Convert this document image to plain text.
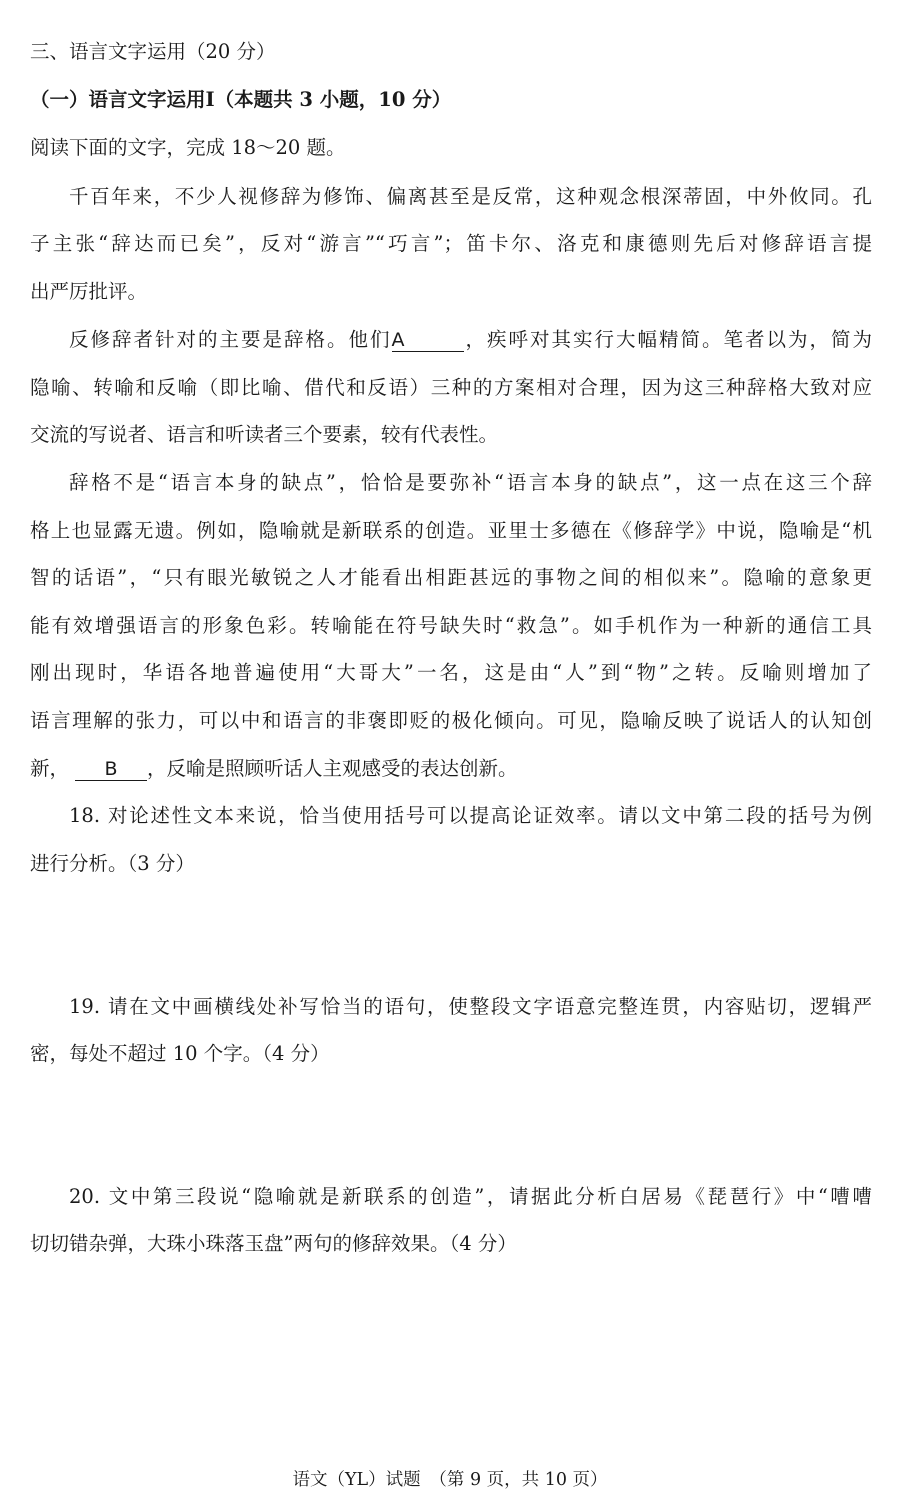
三、语言文字运用（20 分）
（一）语言文字运用Ⅰ（本题共 3 小题，10 分）
阅读下面的文字，完成 18～20 题。
千百年来，不少人视修辞为修饰、偏离甚至是反常，这种观念根深蒂固，中外攸同。孔
子主张“辞达而已矣”，反对“游言”“巧言”；笛卡尔、洛克和康德则先后对修辞语言提
出严厉批评。
反修辞者针对的主要是辞格。他们A	，疾呼对其实行大幅精简。笔者以为，简为
隐喻、转喻和反喻（即比喻、借代和反语）三种的方案相对合理，因为这三种辞格大致对应
交流的写说者、语言和听读者三个要素，较有代表性。
辞格不是“语言本身的缺点”，恰恰是要弥补“语言本身的缺点”，这一点在这三个辞
格上也显露无遗。例如，隐喻就是新联系的创造。亚里士多德在《修辞学》中说，隐喻是“机
智的话语”，“只有眼光敏锐之人才能看出相距甚远的事物之间的相似来”。隐喻的意象更
能有效增强语言的形象色彩。转喻能在符号缺失时“救急”。如手机作为一种新的通信工具
刚出现时，华语各地普遍使用“大哥大”一名，这是由“人”到“物”之转。反喻则增加了
语言理解的张力，可以中和语言的非褒即贬的极化倾向。可见，隐喻反映了说话人的认知创
新， B ，反喻是照顾听话人主观感受的表达创新。
18. 对论述性文本来说，恰当使用括号可以提高论证效率。请以文中第二段的括号为例
进行分析。（3 分）
19. 请在文中画横线处补写恰当的语句，使整段文字语意完整连贯，内容贴切，逻辑严
密，每处不超过 10 个字。（4 分）
20. 文中第三段说“隐喻就是新联系的创造”，请据此分析白居易《琵琶行》中“嘈嘈
切切错杂弹，大珠小珠落玉盘”两句的修辞效果。（4 分）
语文（YL）试题　（第 9 页，共 10 页）
